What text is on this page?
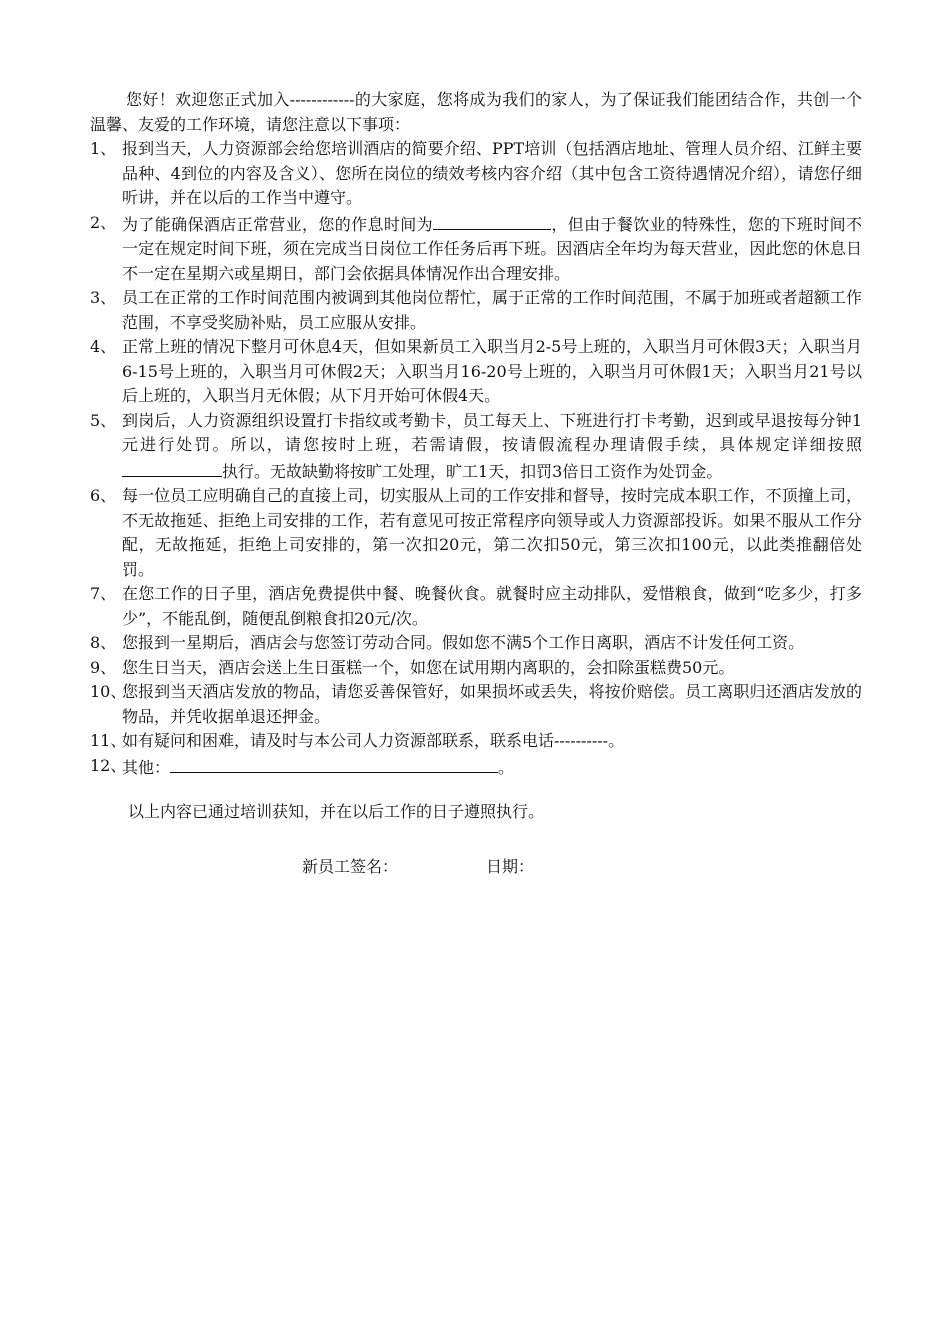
您好！欢迎您正式加入------------的大家庭，您将成为我们的家人，为了保证我们能团结合作，共创一个温馨、友爱的工作环境，请您注意以下事项：

1、 报到当天，人力资源部会给您培训酒店的简要介绍、PPT培训（包括酒店地址、管理人员介绍、江鲜主要品种、4到位的内容及含义）、您所在岗位的绩效考核内容介绍（其中包含工资待遇情况介绍），请您仔细听讲，并在以后的工作当中遵守。
2、 为了能确保酒店正常营业，您的作息时间为	，但由于餐饮业的特殊性，您的下班时间不一定在规定时间下班，须在完成当日岗位工作任务后再下班。因酒店全年均为每天营业，因此您的休息日不一定在星期六或星期日，部门会依据具体情况作出合理安排。
3、 员工在正常的工作时间范围内被调到其他岗位帮忙，属于正常的工作时间范围，不属于加班或者超额工作范围，不享受奖励补贴，员工应服从安排。
4、 正常上班的情况下整月可休息4天，但如果新员工入职当月2-5号上班的，入职当月可休假3天；入职当月6-15号上班的，入职当月可休假2天；入职当月16-20号上班的，入职当月可休假1天；入职当月21号以后上班的，入职当月无休假；从下月开始可休假4天。
5、 到岗后，人力资源组织设置打卡指纹或考勤卡，员工每天上、下班进行打卡考勤，迟到或早退按每分钟1元进行处罚。所以，请您按时上班，若需请假，按请假流程办理请假手续，具体规定详细按照执行。无故缺勤将按旷工处理，旷工1天，扣罚3倍日工资作为处罚金。
6、 每一位员工应明确自己的直接上司，切实服从上司的工作安排和督导，按时完成本职工作，不顶撞上司，不无故拖延、拒绝上司安排的工作，若有意见可按正常程序向领导或人力资源部投诉。如果不服从工作分配，无故拖延，拒绝上司安排的，第一次扣20元，第二次扣50元，第三次扣100元，以此类推翻倍处罚。
7、 在您工作的日子里，酒店免费提供中餐、晚餐伙食。就餐时应主动排队，爱惜粮食，做到“吃多少，打多少”，不能乱倒，随便乱倒粮食扣20元/次。
8、 您报到一星期后，酒店会与您签订劳动合同。假如您不满5个工作日离职，酒店不计发任何工资。
9、 您生日当天，酒店会送上生日蛋糕一个，如您在试用期内离职的，会扣除蛋糕费50元。
10、
您报到当天酒店发放的物品，请您妥善保管好，如果损坏或丢失，将按价赔偿。员工离职归还酒店发放的物品，并凭收据单退还押金。
11、
如有疑问和困难，请及时与本公司人力资源部联系，联系电话----------。
12、
其他：	。

以上内容已通过培训获知，并在以后工作的日子遵照执行。

新员工签名：	日期：
